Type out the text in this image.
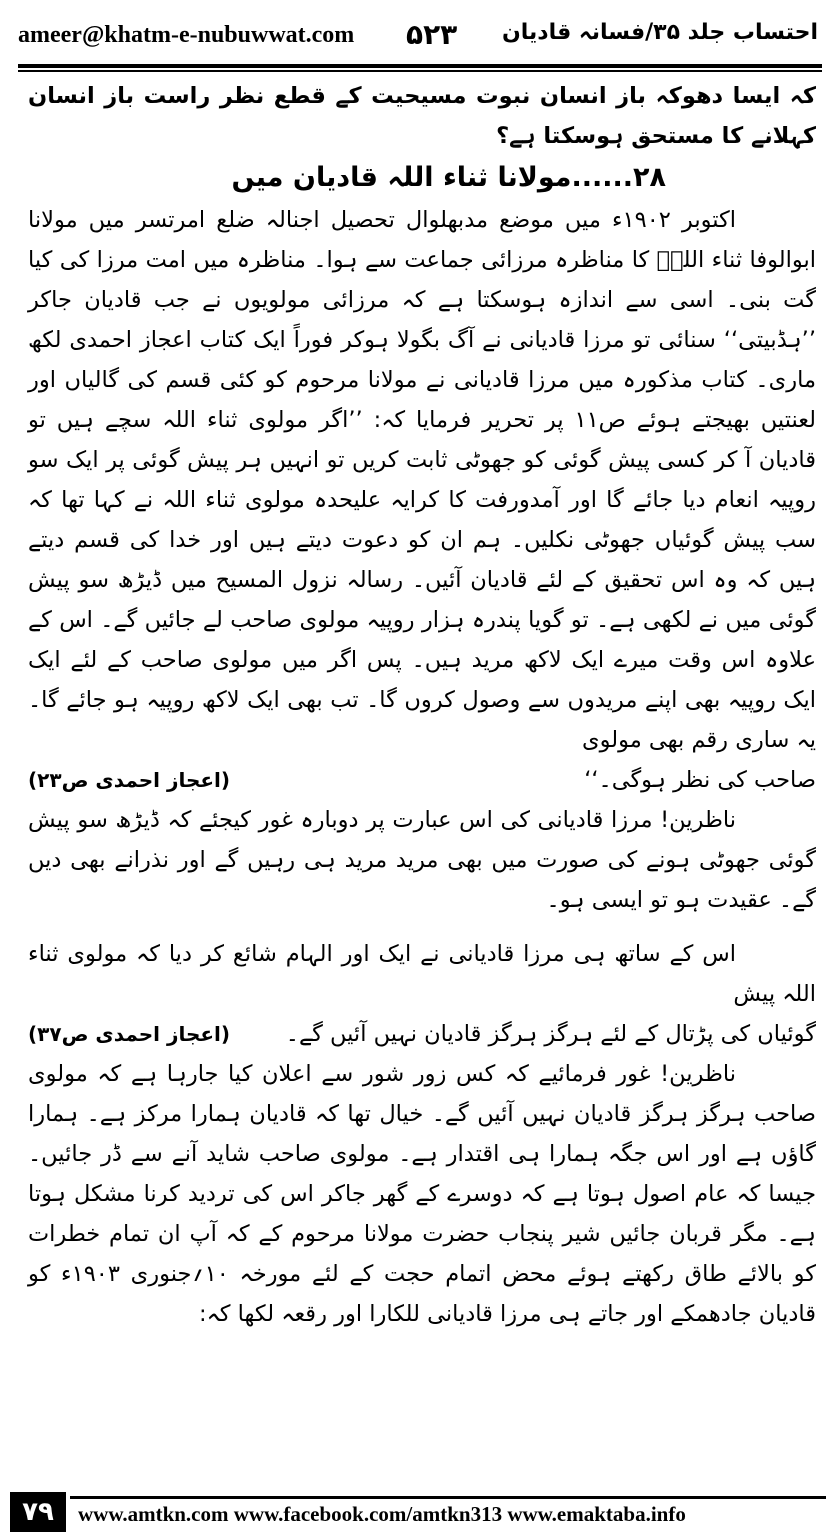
ameer@khatm-e-nubuwwat.com ۵۲۳ احتساب جلد ۳۵/فسانہ قادیان

کہ ایسا دھوکہ باز انسان نبوت مسیحیت کے قطع نظر راست باز انسان کہلانے کا مستحق ہوسکتا ہے؟

۲۸......مولانا ثناء اللہ قادیان میں

اکتوبر ۱۹۰۲ء میں موضع مدبھلوال تحصیل اجنالہ ضلع امرتسر میں مولانا ابوالوفا ثناء اللہؒ کا مناظرہ مرزائی جماعت سے ہوا۔ مناظرہ میں امت مرزا کی کیا گت بنی۔ اسی سے اندازہ ہوسکتا ہے کہ مرزائی مولویوں نے جب قادیان جاکر ’’ہڈبیتی‘‘ سنائی تو مرزا قادیانی نے آگ بگولا ہوکر فوراً ایک کتاب اعجاز احمدی لکھ ماری۔ کتاب مذکورہ میں مرزا قادیانی نے مولانا مرحوم کو کئی قسم کی گالیاں اور لعنتیں بھیجتے ہوئے ص۱۱ پر تحریر فرمایا کہ: ’’اگر مولوی ثناء اللہ سچے ہیں تو قادیان آ کر کسی پیش گوئی کو جھوٹی ثابت کریں تو انہیں ہر پیش گوئی پر ایک سو روپیہ انعام دیا جائے گا اور آمدورفت کا کرایہ علیحدہ مولوی ثناء اللہ نے کہا تھا کہ سب پیش گوئیاں جھوٹی نکلیں۔ ہم ان کو دعوت دیتے ہیں اور خدا کی قسم دیتے ہیں کہ وہ اس تحقیق کے لئے قادیان آئیں۔ رسالہ نزول المسیح میں ڈیڑھ سو پیش گوئی میں نے لکھی ہے۔ تو گویا پندرہ ہزار روپیہ مولوی صاحب لے جائیں گے۔ اس کے علاوہ اس وقت میرے ایک لاکھ مرید ہیں۔ پس اگر میں مولوی صاحب کے لئے ایک ایک روپیہ بھی اپنے مریدوں سے وصول کروں گا۔ تب بھی ایک لاکھ روپیہ ہو جائے گا۔ یہ ساری رقم بھی مولوی

صاحب کی نظر ہوگی۔‘‘
(اعجاز احمدی ص۲۳)

ناظرین! مرزا قادیانی کی اس عبارت پر دوبارہ غور کیجئے کہ ڈیڑھ سو پیش گوئی جھوٹی ہونے کی صورت میں بھی مرید مرید ہی رہیں گے اور نذرانے بھی دیں گے۔ عقیدت ہو تو ایسی ہو۔

اس کے ساتھ ہی مرزا قادیانی نے ایک اور الہام شائع کر دیا کہ مولوی ثناء اللہ پیش

گوئیاں کی پڑتال کے لئے ہرگز ہرگز قادیان نہیں آئیں گے۔
(اعجاز احمدی ص۳۷)

ناظرین! غور فرمائیے کہ کس زور شور سے اعلان کیا جارہا ہے کہ مولوی صاحب ہرگز ہرگز قادیان نہیں آئیں گے۔ خیال تھا کہ قادیان ہمارا مرکز ہے۔ ہمارا گاؤں ہے اور اس جگہ ہمارا ہی اقتدار ہے۔ مولوی صاحب شاید آنے سے ڈر جائیں۔ جیسا کہ عام اصول ہوتا ہے کہ دوسرے کے گھر جاکر اس کی تردید کرنا مشکل ہوتا ہے۔ مگر قربان جائیں شیر پنجاب حضرت مولانا مرحوم کے کہ آپ ان تمام خطرات کو بالائے طاق رکھتے ہوئے محض اتمام حجت کے لئے مورخہ ۱۰؍جنوری ۱۹۰۳ء کو قادیان جادھمکے اور جاتے ہی مرزا قادیانی للکارا اور رقعہ لکھا کہ:

۷۹	www.amtkn.com www.facebook.com/amtkn313 www.emaktaba.info
